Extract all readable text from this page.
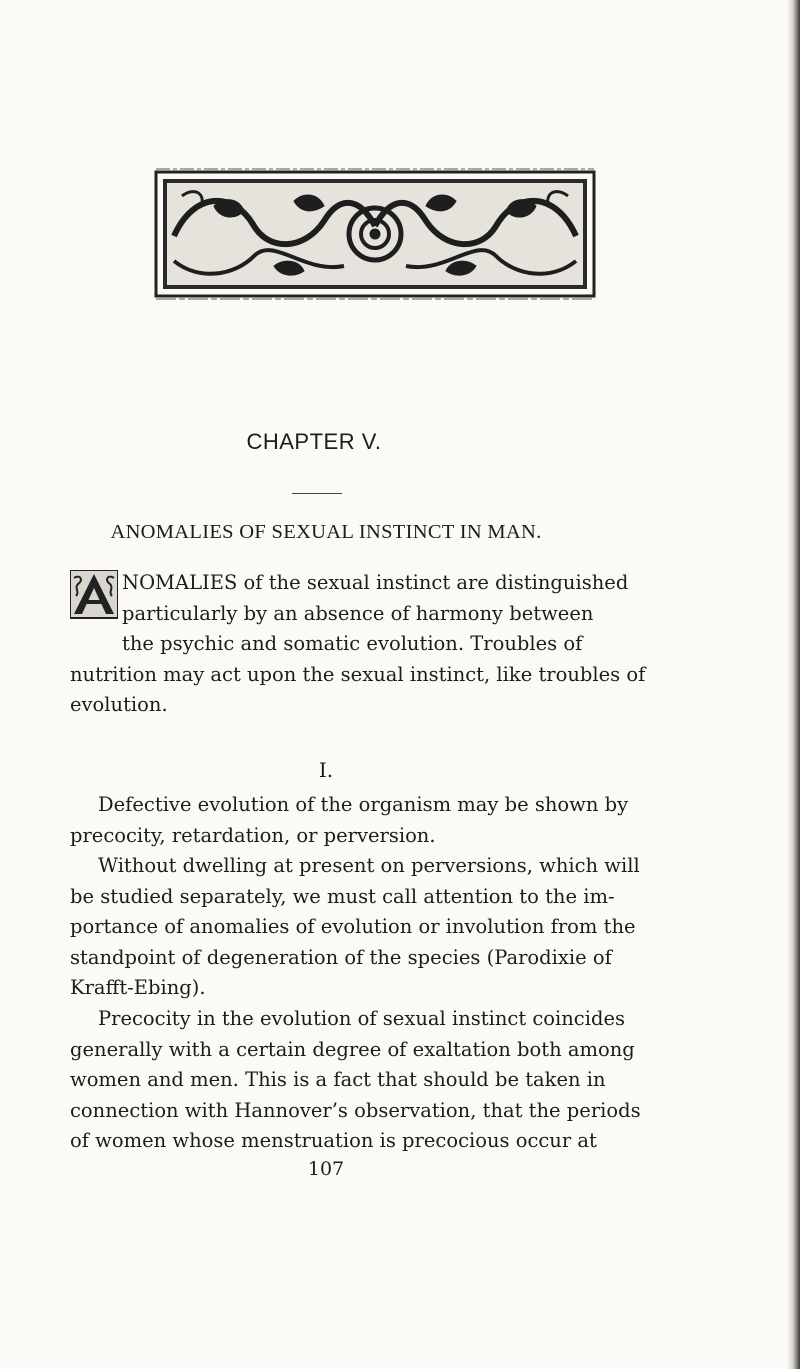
CHAPTER V.
ANOMALIES OF SEXUAL INSTINCT IN MAN.
NOMALIES of the sexual instinct are distinguished
particularly by an absence of harmony between
the psychic and somatic evolution. Troubles of
nutrition may act upon the sexual instinct, like troubles of
evolution.
I.
Defective evolution of the organism may be shown by
precocity, retardation, or perversion.
Without dwelling at present on perversions, which will
be studied separately, we must call attention to the im-
portance of anomalies of evolution or involution from the
standpoint of degeneration of the species (Parodixie of
Krafft-Ebing).
Precocity in the evolution of sexual instinct coincides
generally with a certain degree of exaltation both among
women and men. This is a fact that should be taken in
connection with Hannover’s observation, that the periods
of women whose menstruation is precocious occur at
107
